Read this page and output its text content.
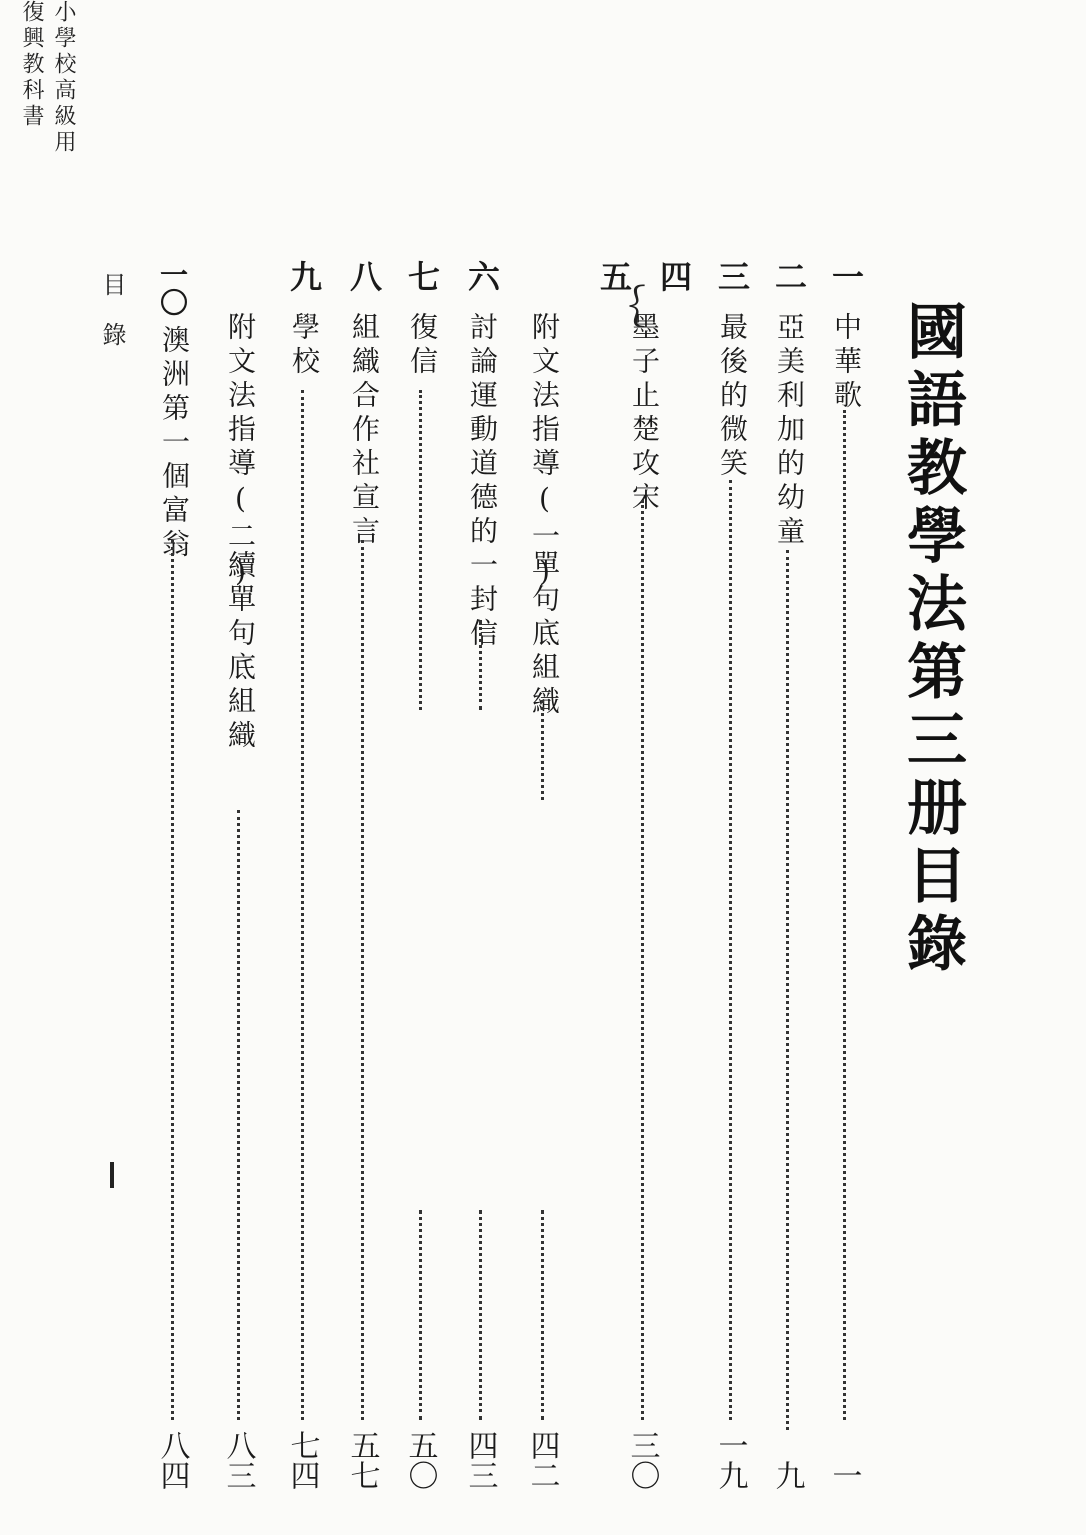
小學校高級用
復興教科書
國語教學法第三册目錄
一
中華歌
一
二
亞美利加的幼童
九
三
最後的微笑
一九
四
五
︸
墨子止楚攻宋
三〇
附文法指導(一)
單句底組織
四二
六
討論運動道德的一封信
四三
七
復信
五〇
八
組織合作社宣言
五七
九
學校
七四
附文法指導(二)
續單句底組織
八三
一〇
澳洲第一個富翁
八四
目錄
